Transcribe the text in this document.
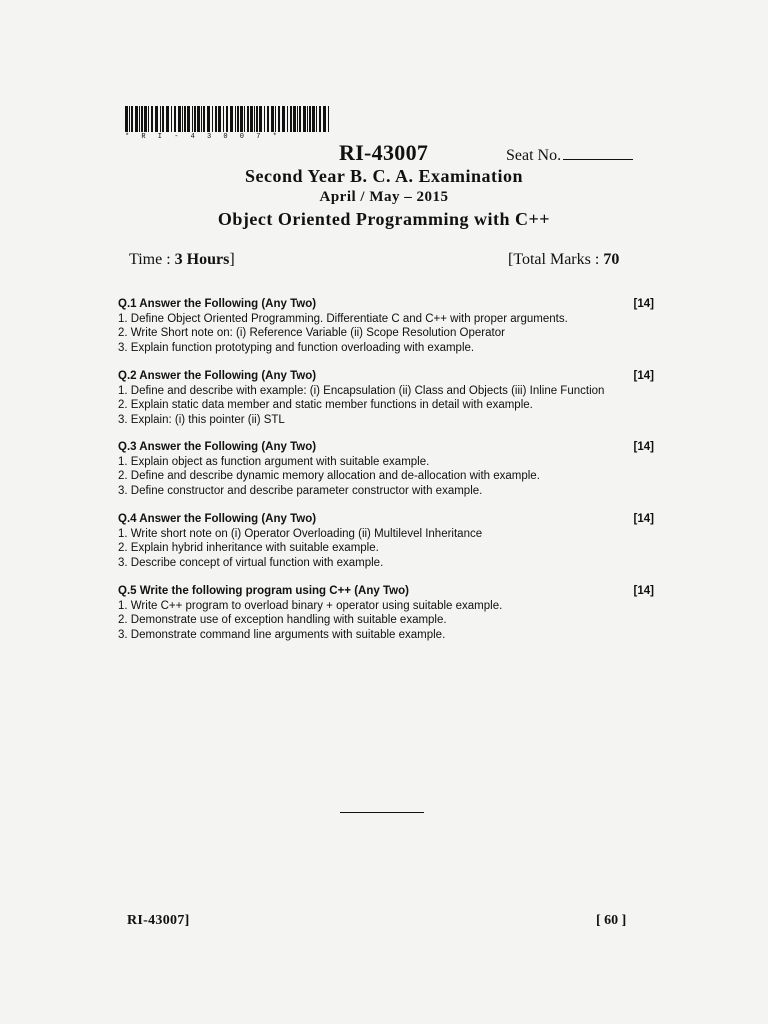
* R I - 4 3 0 0 7 *
RI-43007	Seat No.
Second Year B. C. A. Examination
April / May – 2015
Object Oriented Programming with C++
Time : 3 Hours]	[Total Marks : 70
Q.1 Answer the Following (Any Two)	[14]
1. Define Object Oriented Programming. Differentiate C and C++ with proper arguments.
2. Write Short note on: (i) Reference Variable (ii) Scope Resolution Operator
3. Explain function prototyping and function overloading with example.
Q.2 Answer the Following (Any Two)	[14]
1. Define and describe with example: (i) Encapsulation (ii) Class and Objects (iii) Inline Function
2. Explain static data member and static member functions in detail with example.
3. Explain: (i) this pointer (ii) STL
Q.3 Answer the Following (Any Two)	[14]
1. Explain object as function argument with suitable example.
2. Define and describe dynamic memory allocation and de-allocation with example.
3. Define constructor and describe parameter constructor with example.
Q.4 Answer the Following (Any Two)	[14]
1. Write short note on (i) Operator Overloading (ii) Multilevel Inheritance
2. Explain hybrid inheritance with suitable example.
3. Describe concept of virtual function with example.
Q.5 Write the following program using C++ (Any Two)	[14]
1. Write C++ program to overload binary + operator using suitable example.
2. Demonstrate use of exception handling with suitable example.
3. Demonstrate command line arguments with suitable example.
RI-43007]	[ 60 ]
